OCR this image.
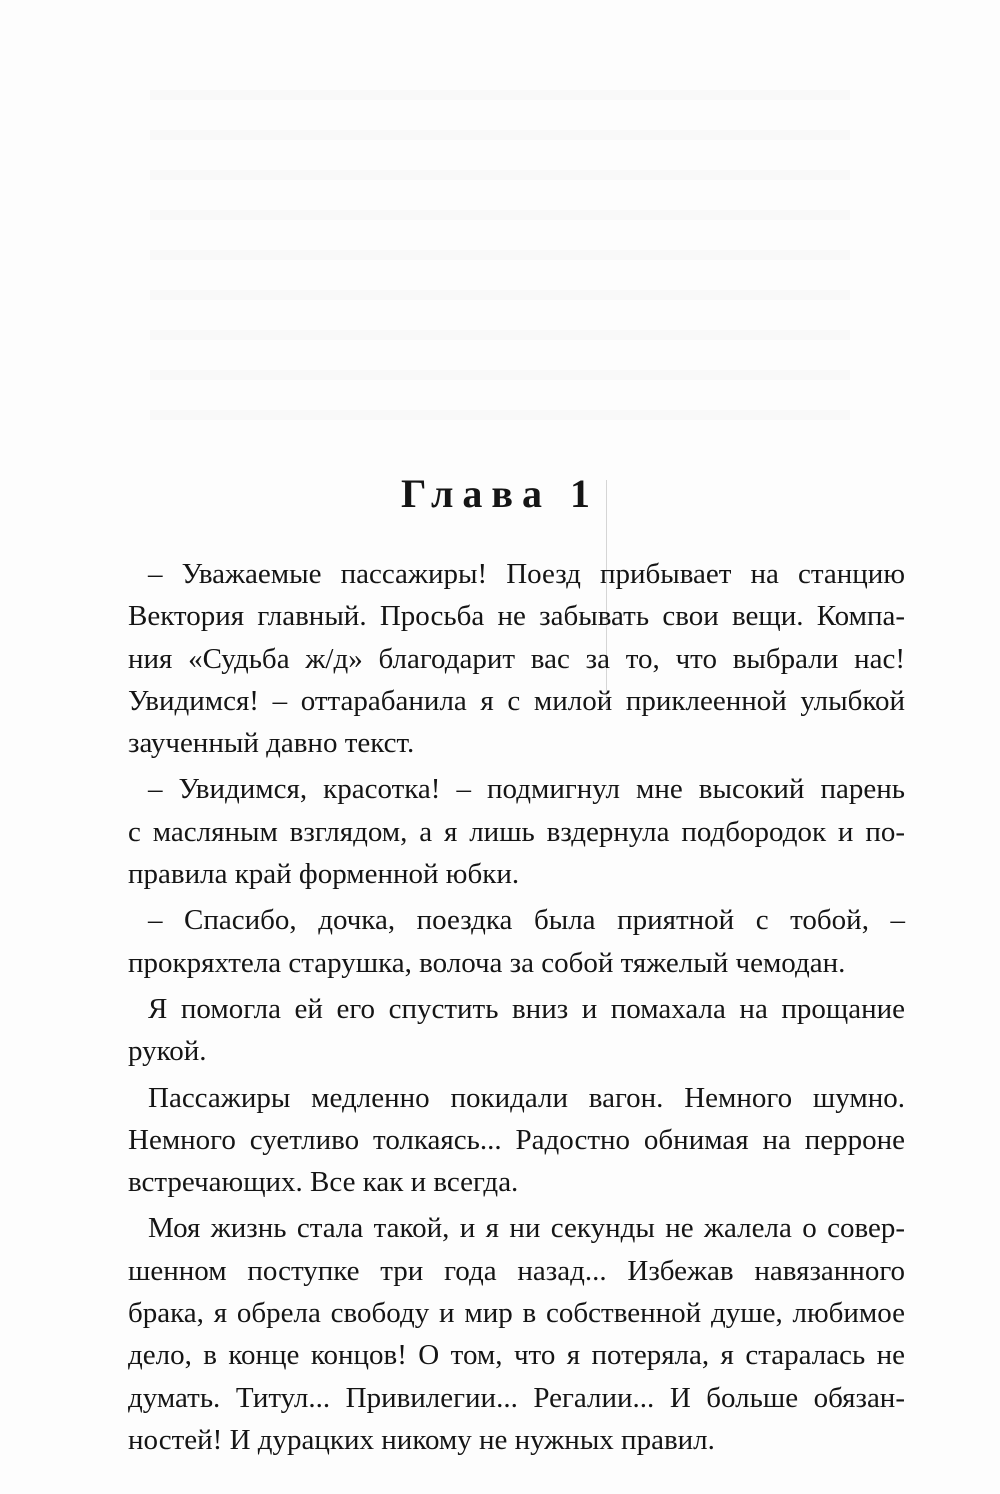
Глава 1
– Уважаемые пассажиры! Поезд прибывает на станцию
Вектория главный. Просьба не забывать свои вещи. Компа-
ния «Судьба ж/д» благодарит вас за то, что выбрали нас!
Увидимся! – оттарабанила я с милой приклеенной улыбкой
заученный давно текст.
– Увидимся, красотка! – подмигнул мне высокий парень
с масляным взглядом, а я лишь вздернула подбородок и по-
правила край форменной юбки.
– Спасибо, дочка, поездка была приятной с тобой, –
прокряхтела старушка, волоча за собой тяжелый чемодан.
Я помогла ей его спустить вниз и помахала на прощание
рукой.
Пассажиры медленно покидали вагон. Немного шумно.
Немного суетливо толкаясь... Радостно обнимая на перроне
встречающих. Все как и всегда.
Моя жизнь стала такой, и я ни секунды не жалела о совер-
шенном поступке три года назад... Избежав навязанного
брака, я обрела свободу и мир в собственной душе, любимое
дело, в конце концов! О том, что я потеряла, я старалась не
думать. Титул... Привилегии... Регалии... И больше обязан-
ностей! И дурацких никому не нужных правил.
